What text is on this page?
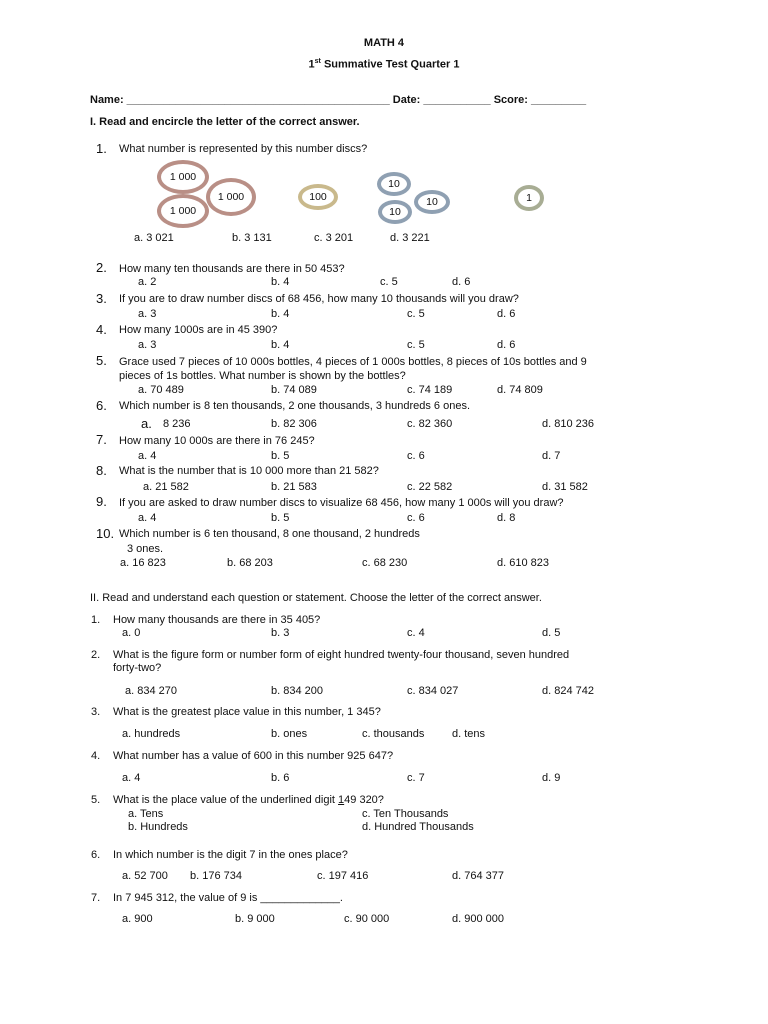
MATH 4
1st Summative Test Quarter 1
Name: ___________________________________________ Date: ___________ Score: _________
I. Read and encircle the letter of the correct answer.
1. What number is represented by this number discs?
1 000
1 000
1 000	100
10
10
10
1
a. 3 021	b. 3 131	c. 3 201	d. 3 221
2. How many ten thousands are there in 50 453?
a. 2	b. 4	c. 5	d. 6
3. If you are to draw number discs of 68 456, how many 10 thousands will you draw?
a. 3	b. 4	c. 5	d. 6
4. How many 1000s are in 45 390?
a. 3	b. 4	c. 5	d. 6
5. Grace used 7 pieces of 10 000s bottles, 4 pieces of 1 000s bottles, 8 pieces of 10s bottles and 9
pieces of 1s bottles. What number is shown by the bottles?
a. 70 489	b. 74 089	c. 74 189	d. 74 809
6. Which number is 8 ten thousands, 2 one thousands, 3 hundreds 6 ones.
a. 8 236	b. 82 306	c. 82 360	d. 810 236
7. How many 10 000s are there in 76 245?
a. 4	b. 5	c. 6	d. 7
8. What is the number that is 10 000 more than 21 582?
a. 21 582	b. 21 583	c. 22 582	d. 31 582
9. If you are asked to draw number discs to visualize 68 456, how many 1 000s will you draw?
a. 4	b. 5	c. 6	d. 8
10. Which number is 6 ten thousand, 8 one thousand, 2 hundreds
3 ones.
a. 16 823	b. 68 203	c. 68 230	d. 610 823
II. Read and understand each question or statement. Choose the letter of the correct answer.
1. How many thousands are there in 35 405?
a. 0	b. 3	c. 4	d. 5
2. What is the figure form or number form of eight hundred twenty-four thousand, seven hundred
forty-two?
a. 834 270	b. 834 200	c. 834 027	d. 824 742
3. What is the greatest place value in this number, 1 345?
a. hundreds	b. ones	c. thousands	d. tens
4. What number has a value of 600 in this number 925 647?
a. 4	b. 6	c. 7	d. 9
5. What is the place value of the underlined digit 149 320?
a. Tens
b. Hundreds
c. Ten Thousands
d. Hundred Thousands
6. In which number is the digit 7 in the ones place?
a. 52 700 b. 176 734	c. 197 416	d. 764 377
7. In 7 945 312, the value of 9 is _____________.
a. 900	b. 9 000	c. 90 000	d. 900 000
